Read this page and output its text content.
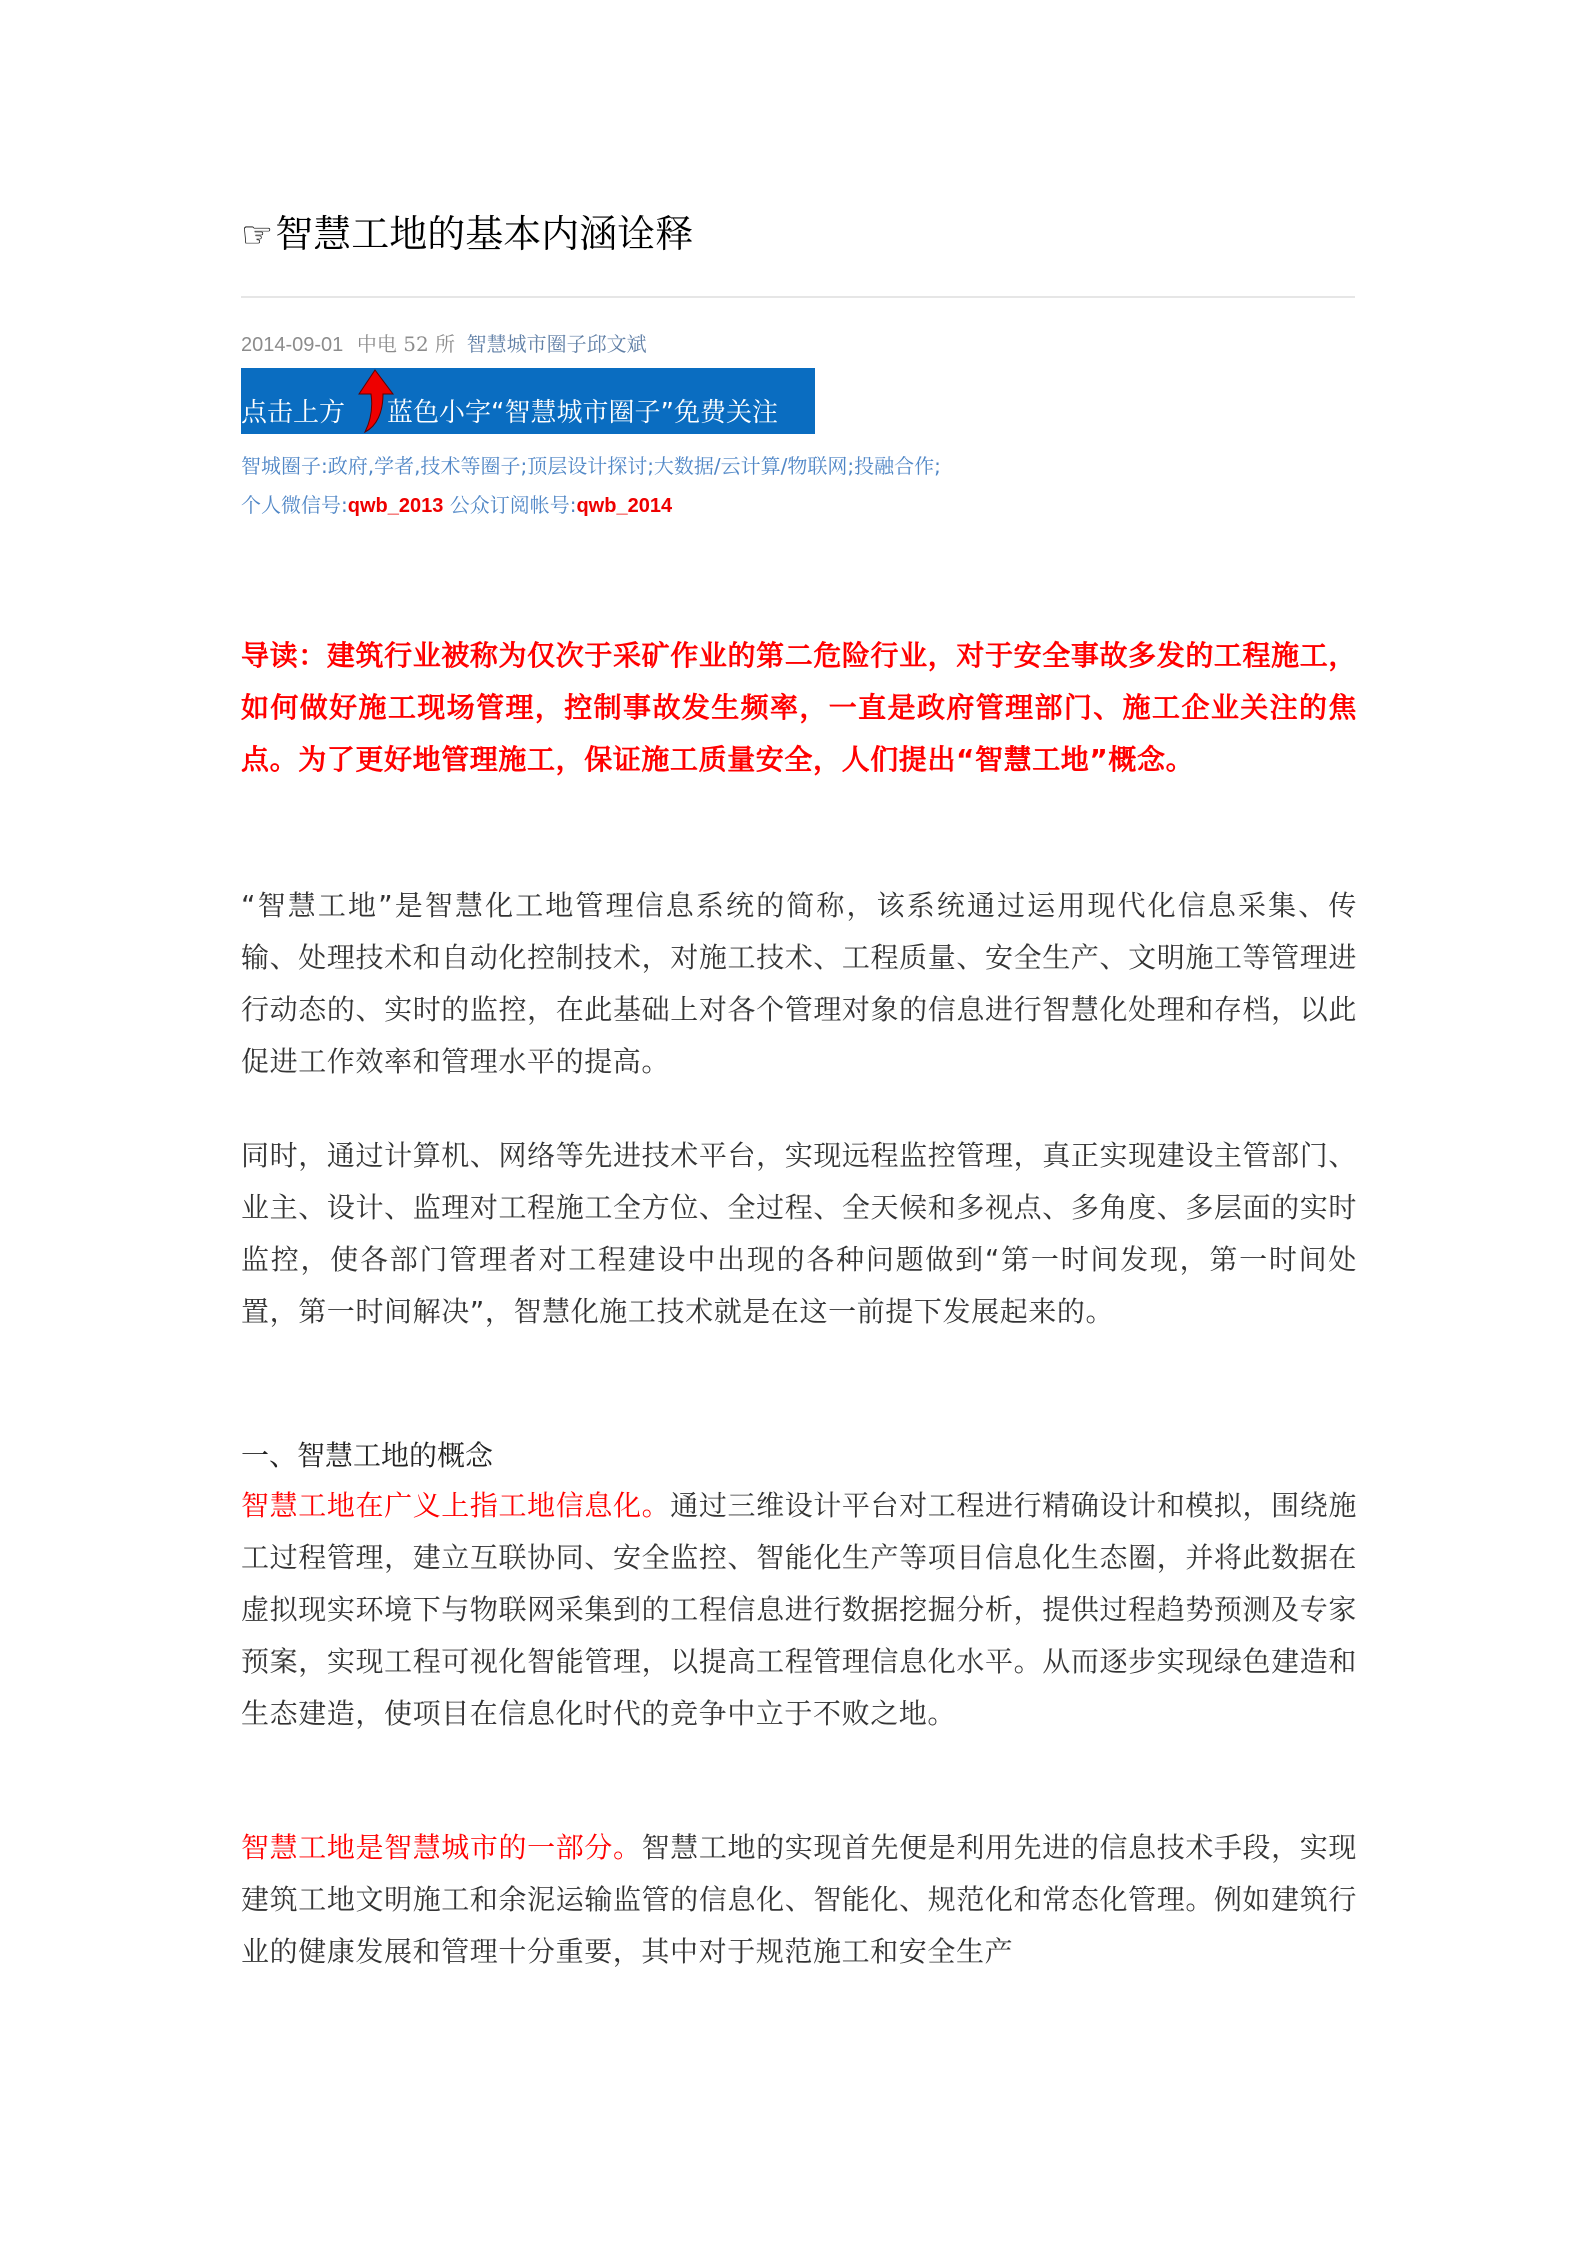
☞智慧工地的基本内涵诠释
2014-09-01 中电 52 所 智慧城市圈子邱文斌
点击上方 蓝色小字“智慧城市圈子”免费关注
智城圈子:政府,学者,技术等圈子;顶层设计探讨;大数据/云计算/物联网;投融合作;
个人微信号:qwb_2013 公众订阅帐号:qwb_2014

导读：建筑行业被称为仅次于采矿作业的第二危险行业，对于安全事故多发的工程施工，如何做好施工现场管理，控制事故发生频率，一直是政府管理部门、施工企业关注的焦点。为了更好地管理施工，保证施工质量安全，人们提出“智慧工地”概念。

“智慧工地”是智慧化工地管理信息系统的简称，该系统通过运用现代化信息采集、传输、处理技术和自动化控制技术，对施工技术、工程质量、安全生产、文明施工等管理进行动态的、实时的监控，在此基础上对各个管理对象的信息进行智慧化处理和存档，以此促进工作效率和管理水平的提高。

同时，通过计算机、网络等先进技术平台，实现远程监控管理，真正实现建设主管部门、业主、设计、监理对工程施工全方位、全过程、全天候和多视点、多角度、多层面的实时监控，使各部门管理者对工程建设中出现的各种问题做到“第一时间发现，第一时间处置，第一时间解决”，智慧化施工技术就是在这一前提下发展起来的。

一、智慧工地的概念

智慧工地在广义上指工地信息化。通过三维设计平台对工程进行精确设计和模拟，围绕施工过程管理，建立互联协同、安全监控、智能化生产等项目信息化生态圈，并将此数据在虚拟现实环境下与物联网采集到的工程信息进行数据挖掘分析，提供过程趋势预测及专家预案，实现工程可视化智能管理，以提高工程管理信息化水平。从而逐步实现绿色建造和生态建造，使项目在信息化时代的竞争中立于不败之地。

智慧工地是智慧城市的一部分。智慧工地的实现首先便是利用先进的信息技术手段，实现建筑工地文明施工和余泥运输监管的信息化、智能化、规范化和常态化管理。例如建筑行业的健康发展和管理十分重要，其中对于规范施工和安全生产
